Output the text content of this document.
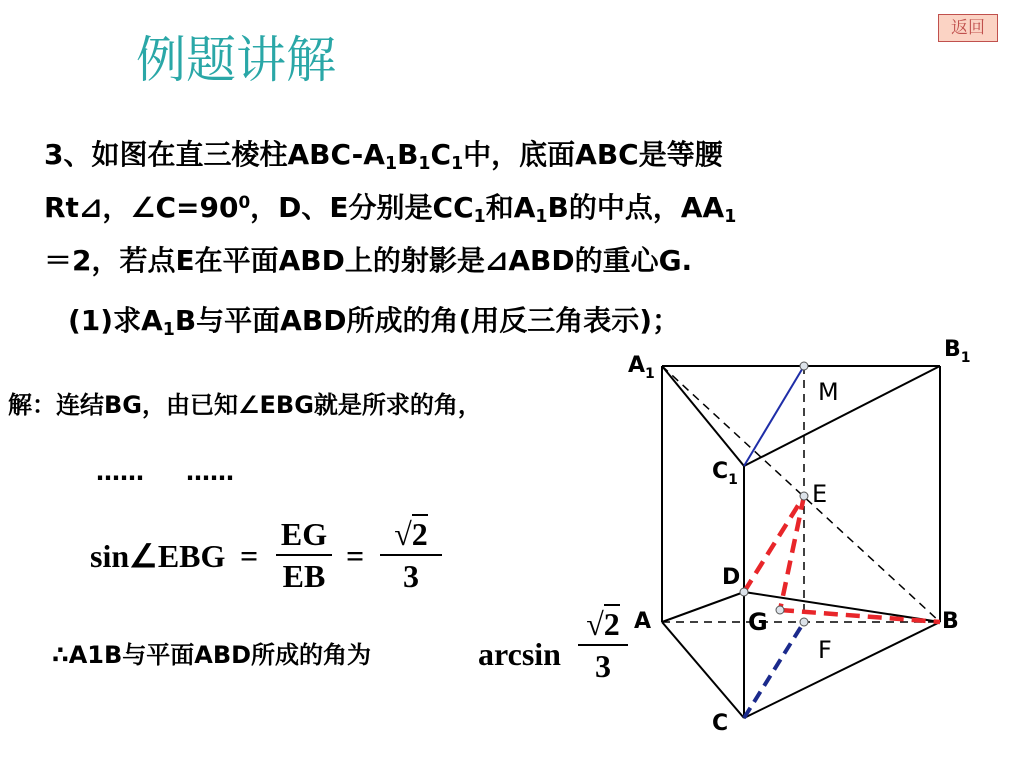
返回
例题讲解
3、如图在直三棱柱ABC-$A_1B_1C_1$中，底面ABC是等腰
Rt⊿，$\angle C=90^0$，D、E分别是$CC_1$和$A_1B$的中点，$AA_1$
＝2，若点E在平面ABD上的射影是⊿ABD的重心G.
(1)求$A_1B$与平面ABD所成的角(用反三角表示)；
解：连结BG，由已知∠EBG就是所求的角，
…… ……
sin∠EBG =
EG
EB
=
√2
3
∴A1B与平面ABD所成的角为	arcsin
√2
3
$A_1$
$B_1$
$C_1$
D
A	G	B
C
M
E
F
